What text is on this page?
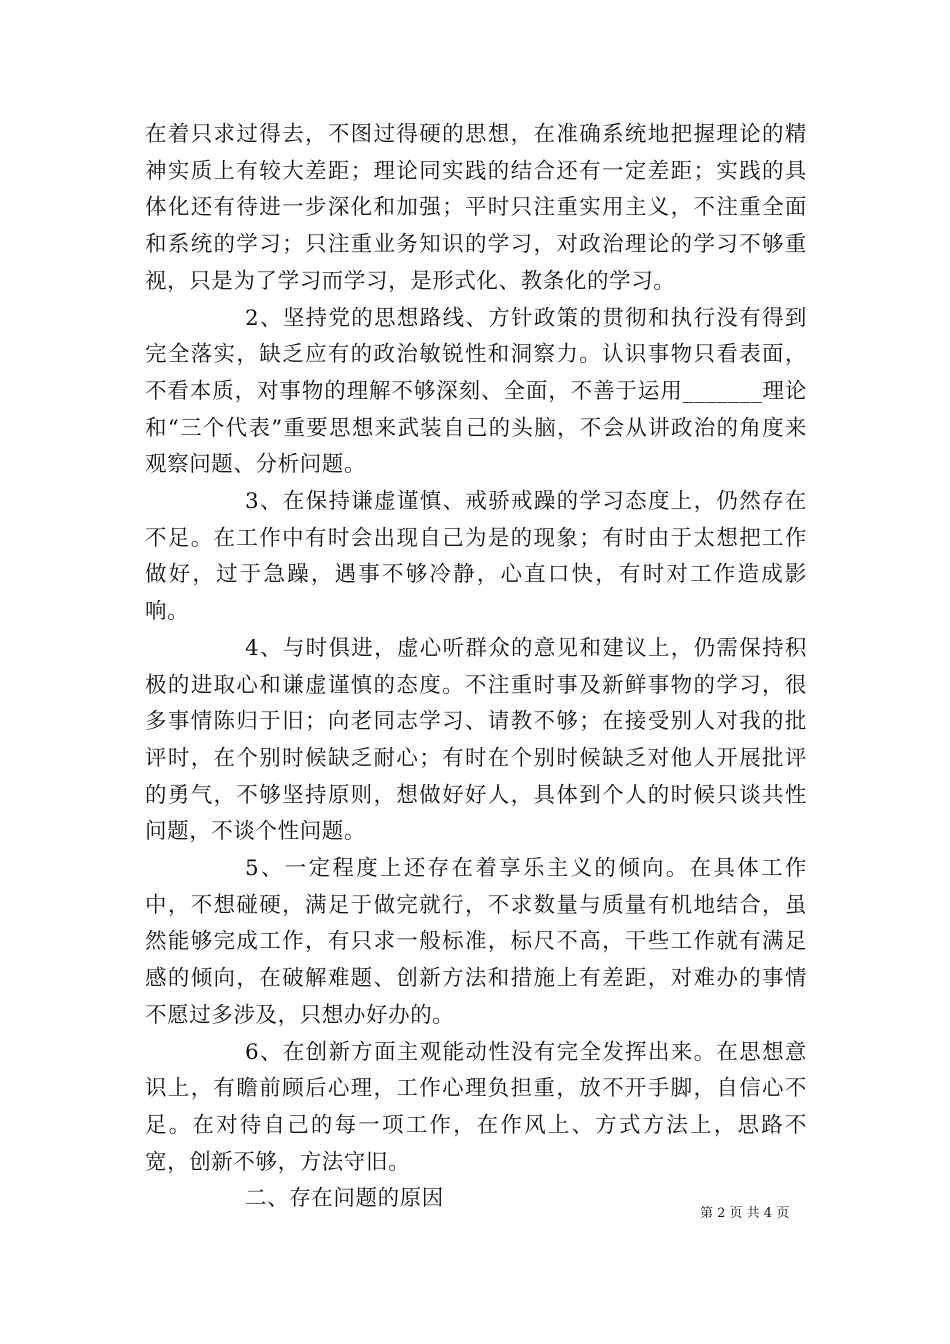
在着只求过得去，不图过得硬的思想，在准确系统地把握理论的精神实质上有较大差距；理论同实践的结合还有一定差距；实践的具体化还有待进一步深化和加强；平时只注重实用主义，不注重全面和系统的学习；只注重业务知识的学习，对政治理论的学习不够重视，只是为了学习而学习，是形式化、教条化的学习。

2、坚持党的思想路线、方针政策的贯彻和执行没有得到完全落实，缺乏应有的政治敏锐性和洞察力。认识事物只看表面，不看本质，对事物的理解不够深刻、全面，不善于运用_______理论和“三个代表”重要思想来武装自己的头脑，不会从讲政治的角度来观察问题、分析问题。

3、在保持谦虚谨慎、戒骄戒躁的学习态度上，仍然存在不足。在工作中有时会出现自己为是的现象；有时由于太想把工作做好，过于急躁，遇事不够冷静，心直口快，有时对工作造成影响。

4、与时俱进，虚心听群众的意见和建议上，仍需保持积极的进取心和谦虚谨慎的态度。不注重时事及新鲜事物的学习，很多事情陈归于旧；向老同志学习、请教不够；在接受别人对我的批评时，在个别时候缺乏耐心；有时在个别时候缺乏对他人开展批评的勇气，不够坚持原则，想做好好人，具体到个人的时候只谈共性问题，不谈个性问题。

5、一定程度上还存在着享乐主义的倾向。在具体工作中，不想碰硬，满足于做完就行，不求数量与质量有机地结合，虽然能够完成工作，有只求一般标准，标尺不高，干些工作就有满足感的倾向，在破解难题、创新方法和措施上有差距，对难办的事情不愿过多涉及，只想办好办的。

6、在创新方面主观能动性没有完全发挥出来。在思想意识上，有瞻前顾后心理，工作心理负担重，放不开手脚，自信心不足。在对待自己的每一项工作，在作风上、方式方法上，思路不宽，创新不够，方法守旧。

二、存在问题的原因

第 2 页 共 4 页
